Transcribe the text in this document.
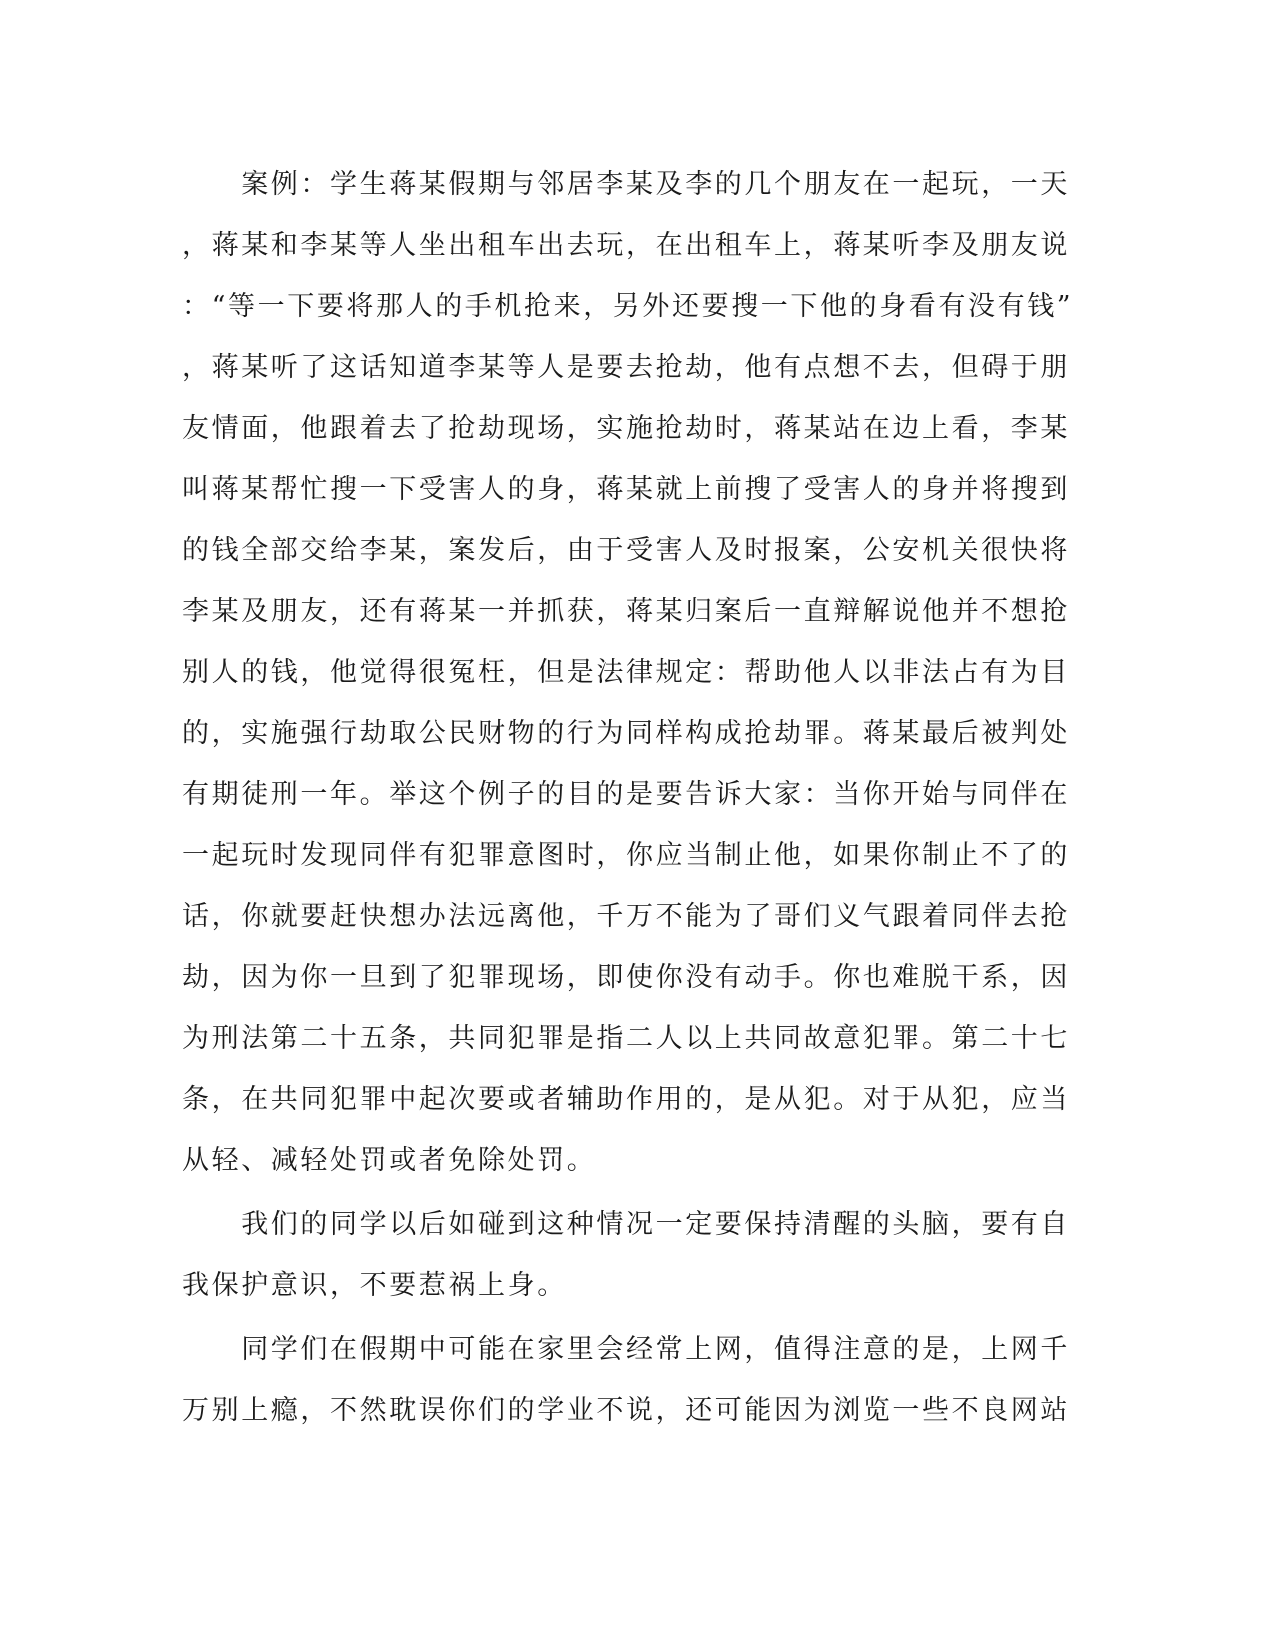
　　案例：学生蒋某假期与邻居李某及李的几个朋友在一起玩，一天
，蒋某和李某等人坐出租车出去玩，在出租车上，蒋某听李及朋友说
：“等一下要将那人的手机抢来，另外还要搜一下他的身看有没有钱”
，蒋某听了这话知道李某等人是要去抢劫，他有点想不去，但碍于朋
友情面，他跟着去了抢劫现场，实施抢劫时，蒋某站在边上看，李某
叫蒋某帮忙搜一下受害人的身，蒋某就上前搜了受害人的身并将搜到
的钱全部交给李某，案发后，由于受害人及时报案，公安机关很快将
李某及朋友，还有蒋某一并抓获，蒋某归案后一直辩解说他并不想抢
别人的钱，他觉得很冤枉，但是法律规定：帮助他人以非法占有为目
的，实施强行劫取公民财物的行为同样构成抢劫罪。蒋某最后被判处
有期徒刑一年。举这个例子的目的是要告诉大家：当你开始与同伴在
一起玩时发现同伴有犯罪意图时，你应当制止他，如果你制止不了的
话，你就要赶快想办法远离他，千万不能为了哥们义气跟着同伴去抢
劫，因为你一旦到了犯罪现场，即使你没有动手。你也难脱干系，因
为刑法第二十五条，共同犯罪是指二人以上共同故意犯罪。第二十七
条，在共同犯罪中起次要或者辅助作用的，是从犯。对于从犯，应当
从轻、减轻处罚或者免除处罚。
　　我们的同学以后如碰到这种情况一定要保持清醒的头脑，要有自
我保护意识，不要惹祸上身。
　　同学们在假期中可能在家里会经常上网，值得注意的是，上网千
万别上瘾，不然耽误你们的学业不说，还可能因为浏览一些不良网站
